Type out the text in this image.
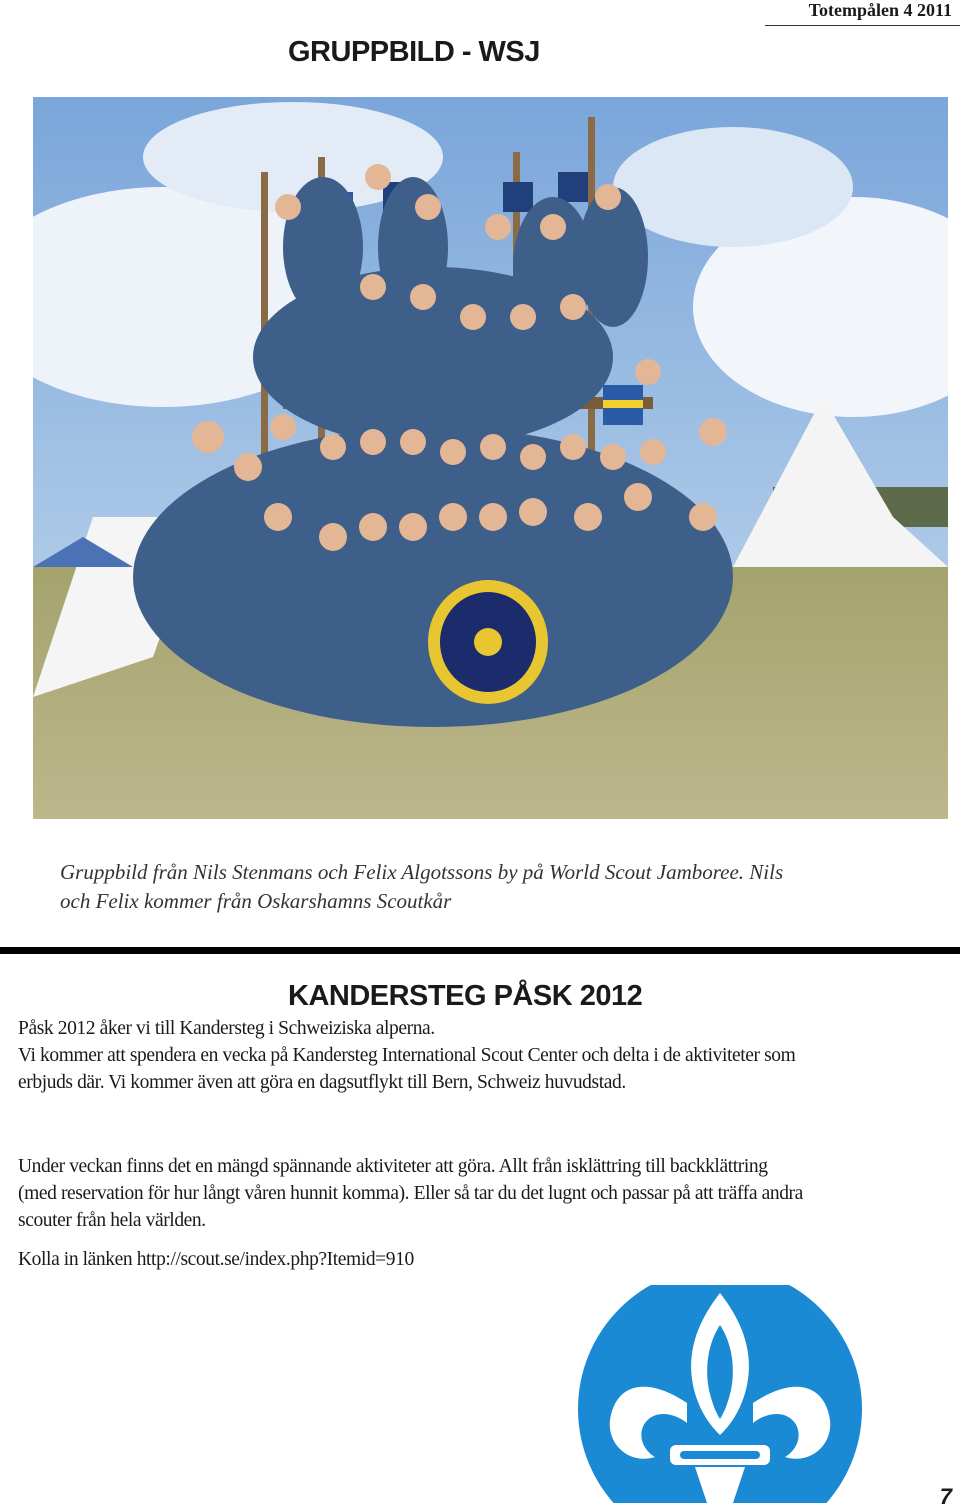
Totempålen 4 2011
GRUPPBILD - WSJ
Gruppbild från Nils Stenmans och Felix Algotssons by på World Scout Jamboree. Nils
och Felix kommer från Oskarshamns Scoutkår
KANDERSTEG PÅSK 2012
Påsk 2012 åker vi till Kandersteg i Schweiziska alperna.
Vi kommer att spendera en vecka på Kandersteg International Scout Center och delta i de aktiviteter som
erbjuds där. Vi kommer även att göra en dagsutflykt till Bern, Schweiz huvudstad.
Under veckan finns det en mängd spännande aktiviteter att göra. Allt från isklättring till backklättring
(med reservation för hur långt våren hunnit komma). Eller så tar du det lugnt och passar på att träffa andra
scouter från hela världen.
Kolla in länken http://scout.se/index.php?Itemid=910
7
